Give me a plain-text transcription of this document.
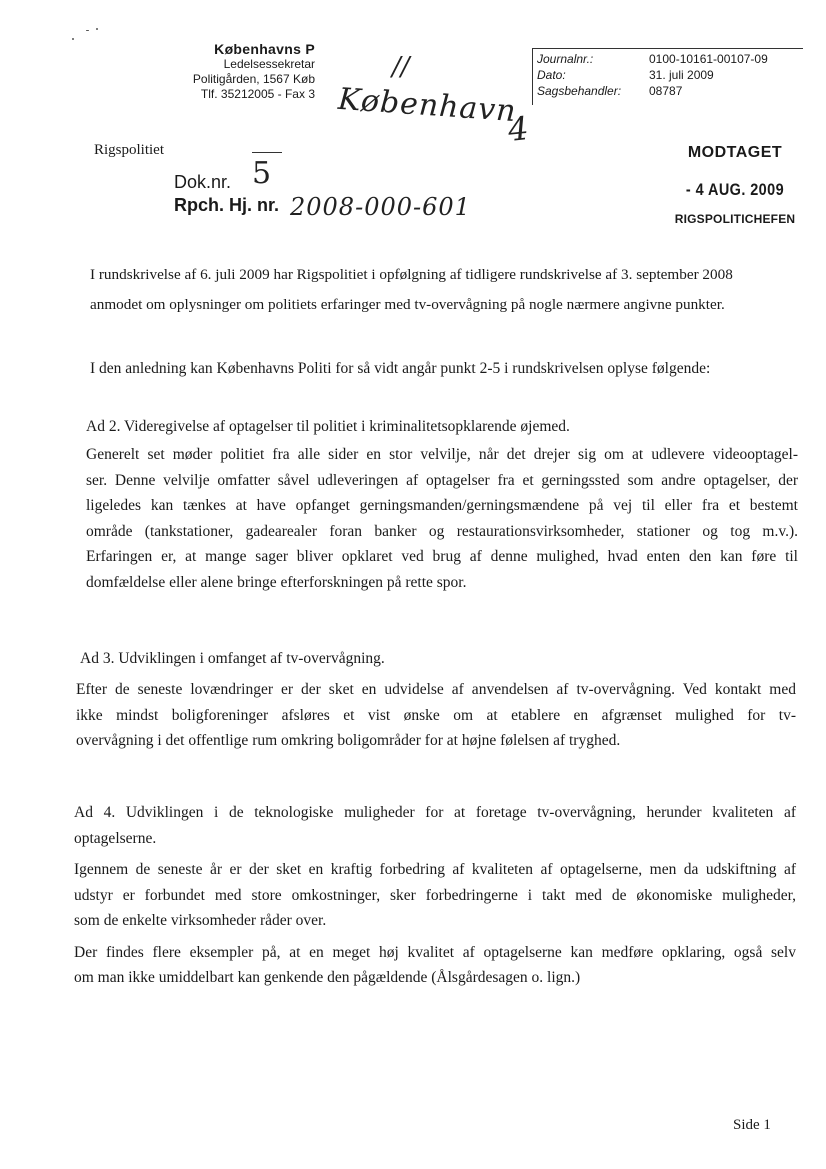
Københavns P
Ledelsessekretar
Politigården, 1567 Køb
Tlf. 35212005 - Fax 3
Journalnr.:	0100-10161-00107-09
Dato:	31. juli 2009
Sagsbehandler: 08787
//
København
4
Rigspolitiet
Dok.nr. 5
Rpch. Hj. nr. 2008-000-601
MODTAGET
- 4 AUG. 2009
RIGSPOLITICHEFEN
I rundskrivelse af 6. juli 2009 har Rigspolitiet i opfølgning af tidligere rundskrivelse af 3. september 2008
anmodet om oplysninger om politiets erfaringer med tv-overvågning på nogle nærmere angivne punkter.
I den anledning kan Københavns Politi for så vidt angår punkt 2-5 i rundskrivelsen oplyse følgende:
Ad 2. Videregivelse af optagelser til politiet i kriminalitetsopklarende øjemed.
Generelt set møder politiet fra alle sider en stor velvilje, når det drejer sig om at udlevere videooptagel-
ser. Denne velvilje omfatter såvel udleveringen af optagelser fra et gerningssted som andre optagelser, der
ligeledes kan tænkes at have opfanget gerningsmanden/gerningsmændene på vej til eller fra et bestemt
område (tankstationer, gadearealer foran banker og restaurationsvirksomheder, stationer og tog m.v.).
Erfaringen er, at mange sager bliver opklaret ved brug af denne mulighed, hvad enten den kan føre til
domfældelse eller alene bringe efterforskningen på rette spor.
Ad 3. Udviklingen i omfanget af tv-overvågning.
Efter de seneste lovændringer er der sket en udvidelse af anvendelsen af tv-overvågning. Ved kontakt med
ikke mindst boligforeninger afsløres et vist ønske om at etablere en afgrænset mulighed for tv-
overvågning i det offentlige rum omkring boligområder for at højne følelsen af tryghed.
Ad 4. Udviklingen i de teknologiske muligheder for at foretage tv-overvågning, herunder kvaliteten af
optagelserne.
Igennem de seneste år er der sket en kraftig forbedring af kvaliteten af optagelserne, men da udskiftning af
udstyr er forbundet med store omkostninger, sker forbedringerne i takt med de økonomiske muligheder,
som de enkelte virksomheder råder over.
Der findes flere eksempler på, at en meget høj kvalitet af optagelserne kan medføre opklaring, også selv
om man ikke umiddelbart kan genkende den pågældende (Ålsgårdesagen o. lign.)
Side 1
